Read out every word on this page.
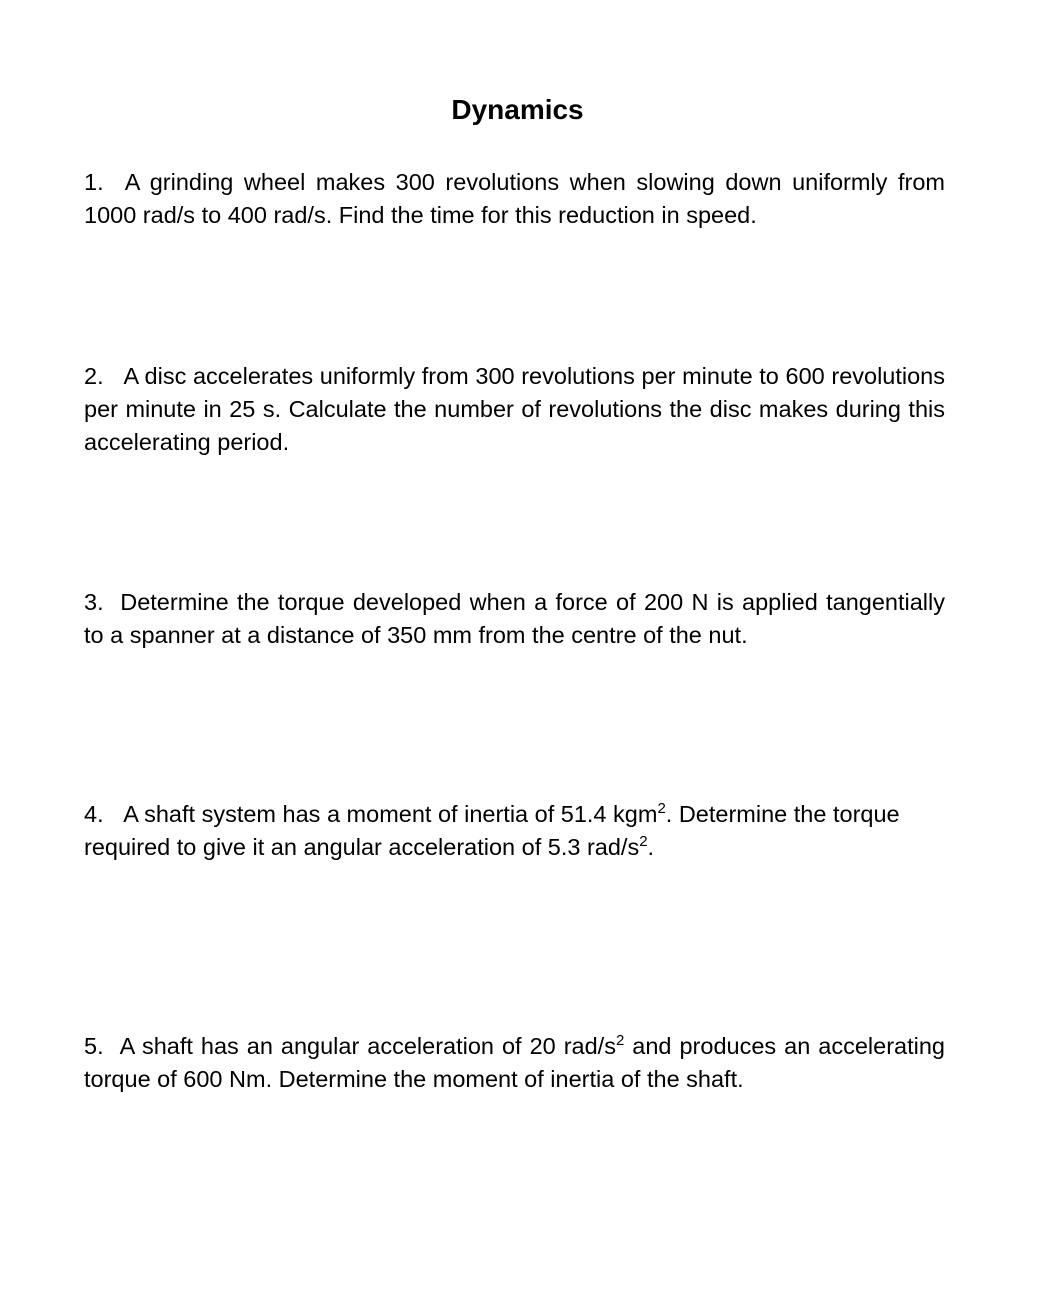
Dynamics

1. A grinding wheel makes 300 revolutions when slowing down uniformly from 1000 rad/s to 400 rad/s. Find the time for this reduction in speed.

2. A disc accelerates uniformly from 300 revolutions per minute to 600 revolutions per minute in 25 s. Calculate the number of revolutions the disc makes during this accelerating period.

3. Determine the torque developed when a force of 200 N is applied tangentially to a spanner at a distance of 350 mm from the centre of the nut.

4. A shaft system has a moment of inertia of 51.4 kgm$^2$. Determine the torque required to give it an angular acceleration of 5.3 rad/$s^2$.

5. A shaft has an angular acceleration of 20 rad/$s^2$ and produces an accelerating torque of 600 Nm. Determine the moment of inertia of the shaft.
